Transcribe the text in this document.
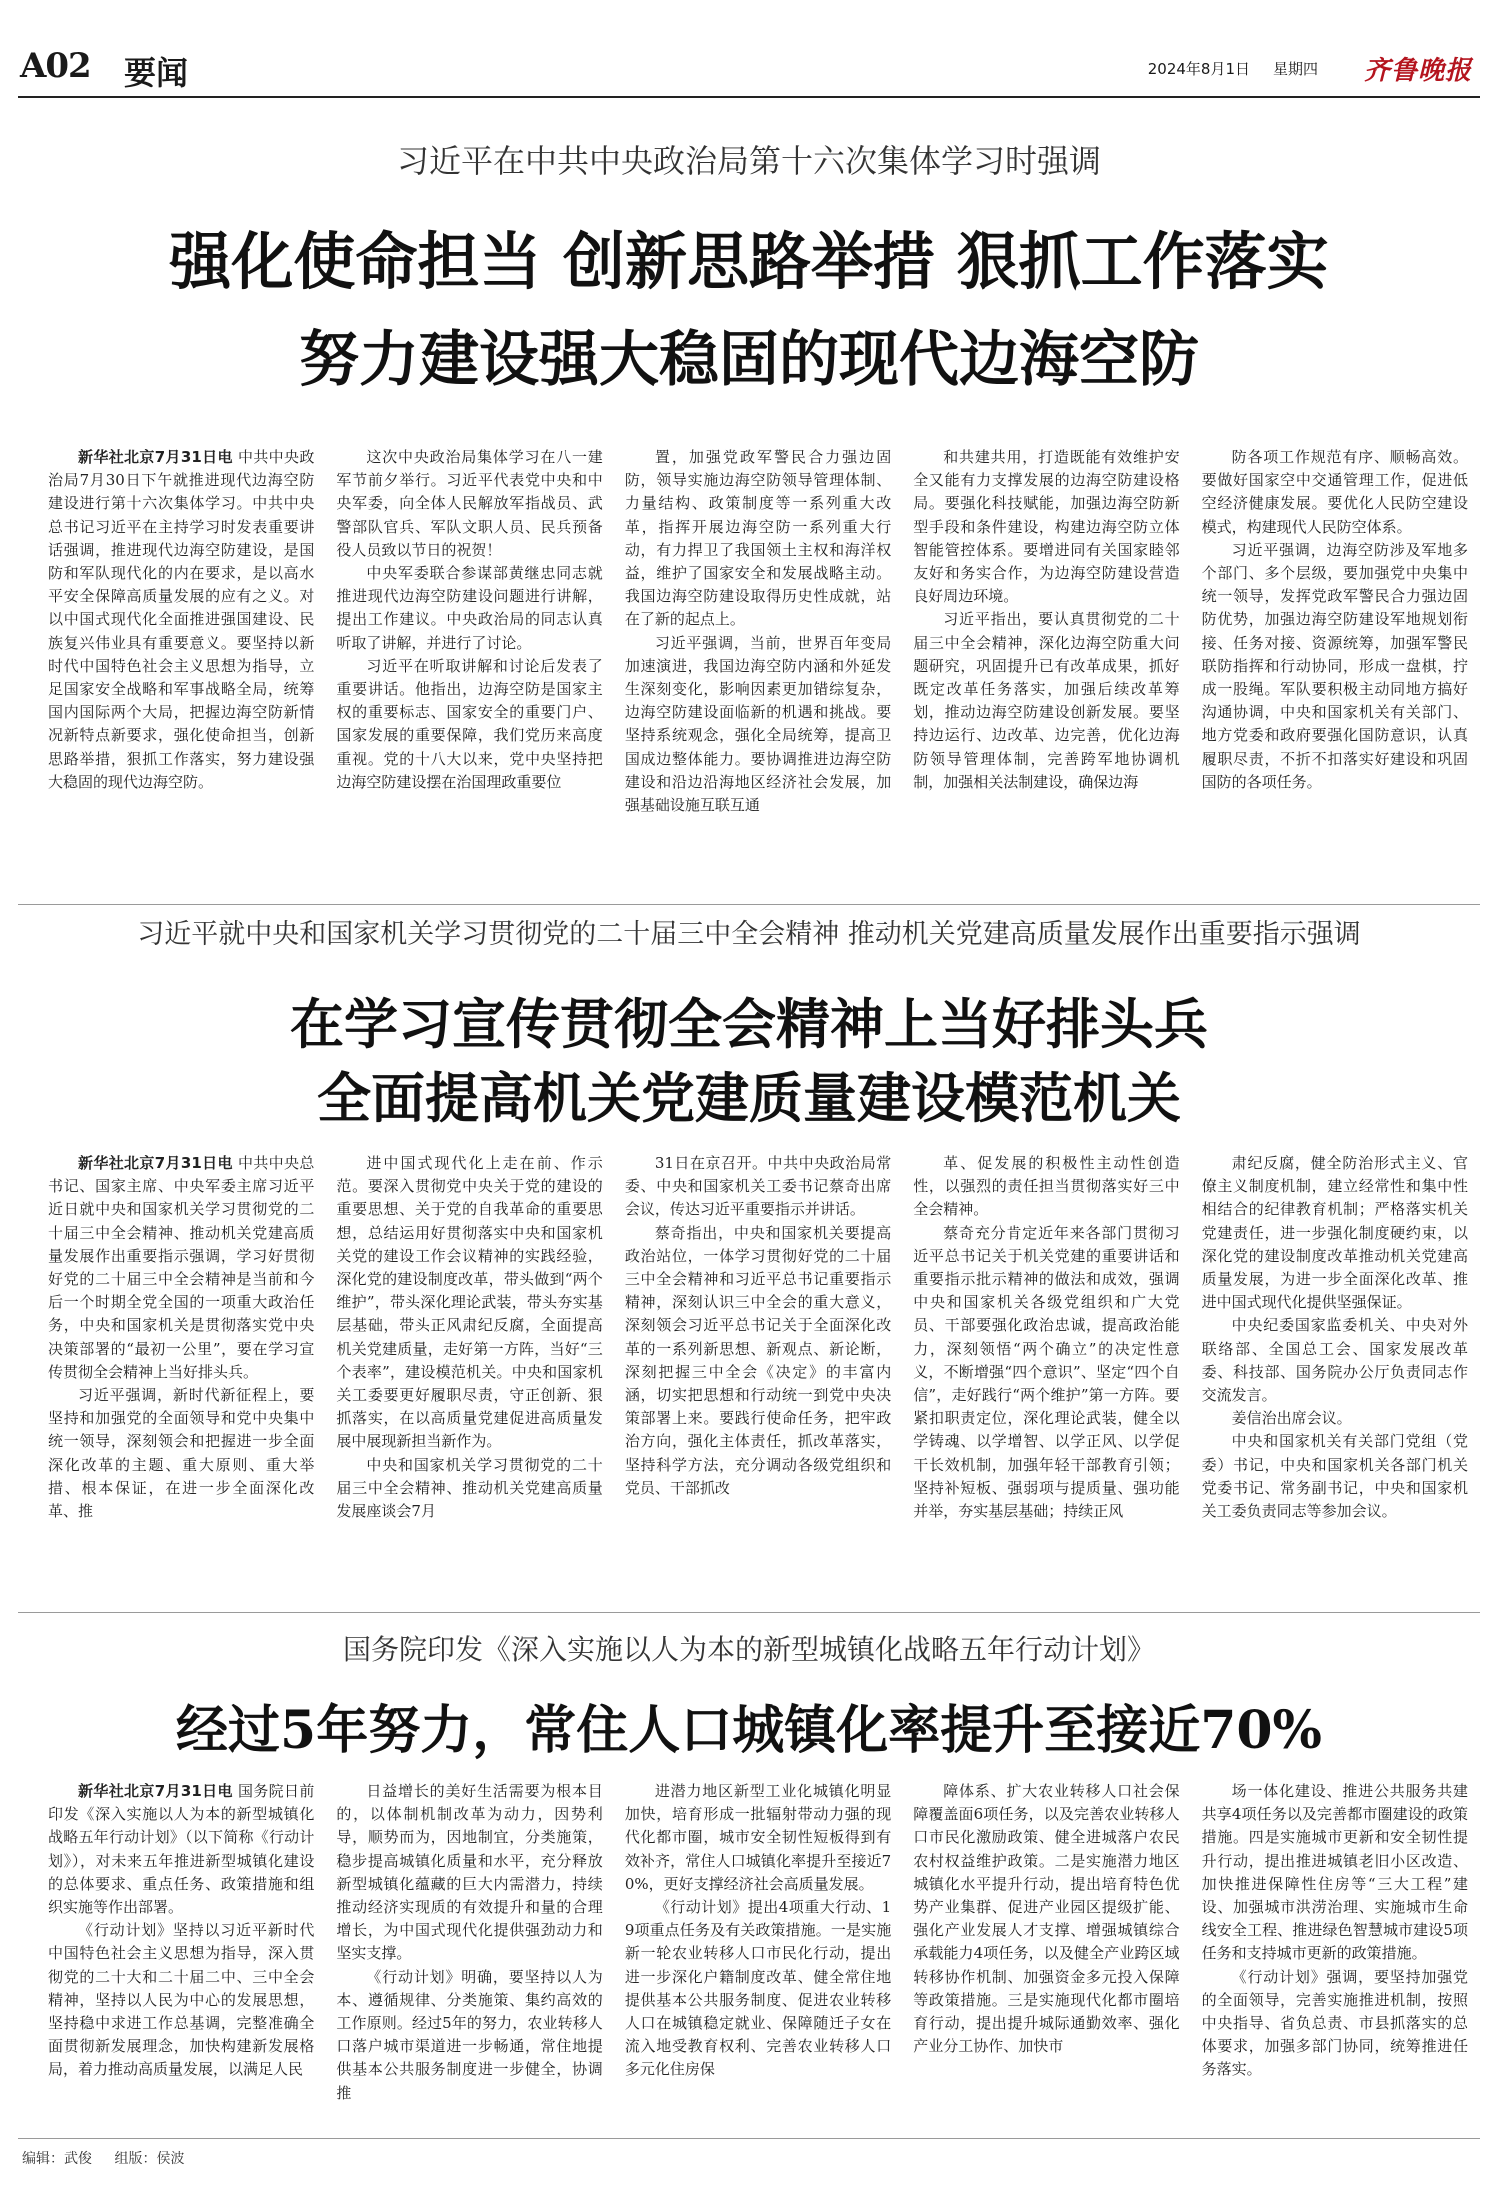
A02 要闻	2024年8月1日 星期四 齐鲁晚报
习近平在中共中央政治局第十六次集体学习时强调
强化使命担当 创新思路举措 狠抓工作落实
努力建设强大稳固的现代边海空防

新华社北京7月31日电 中共中央政治局7月30日下午就推进现代边海空防建设进行第十六次集体学习。中共中央总书记习近平在主持学习时发表重要讲话强调，推进现代边海空防建设，是国防和军队现代化的内在要求，是以高水平安全保障高质量发展的应有之义。对以中国式现代化全面推进强国建设、民族复兴伟业具有重要意义。要坚持以新时代中国特色社会主义思想为指导，立足国家安全战略和军事战略全局，统筹国内国际两个大局，把握边海空防新情况新特点新要求，强化使命担当，创新思路举措，狠抓工作落实，努力建设强大稳固的现代边海空防。

这次中央政治局集体学习在八一建军节前夕举行。习近平代表党中央和中央军委，向全体人民解放军指战员、武警部队官兵、军队文职人员、民兵预备役人员致以节日的祝贺！

中央军委联合参谋部黄继忠同志就推进现代边海空防建设问题进行讲解，提出工作建议。中央政治局的同志认真听取了讲解，并进行了讨论。

习近平在听取讲解和讨论后发表了重要讲话。他指出，边海空防是国家主权的重要标志、国家安全的重要门户、国家发展的重要保障，我们党历来高度重视。党的十八大以来，党中央坚持把边海空防建设摆在治国理政重要位

置，加强党政军警民合力强边固防，领导实施边海空防领导管理体制、力量结构、政策制度等一系列重大改革，指挥开展边海空防一系列重大行动，有力捍卫了我国领土主权和海洋权益，维护了国家安全和发展战略主动。我国边海空防建设取得历史性成就，站在了新的起点上。

习近平强调，当前，世界百年变局加速演进，我国边海空防内涵和外延发生深刻变化，影响因素更加错综复杂，边海空防建设面临新的机遇和挑战。要坚持系统观念，强化全局统筹，提高卫国成边整体能力。要协调推进边海空防建设和沿边沿海地区经济社会发展，加强基础设施互联互通

和共建共用，打造既能有效维护安全又能有力支撑发展的边海空防建设格局。要强化科技赋能，加强边海空防新型手段和条件建设，构建边海空防立体智能管控体系。要增进同有关国家睦邻友好和务实合作，为边海空防建设营造良好周边环境。

习近平指出，要认真贯彻党的二十届三中全会精神，深化边海空防重大问题研究，巩固提升已有改革成果，抓好既定改革任务落实，加强后续改革筹划，推动边海空防建设创新发展。要坚持边运行、边改革、边完善，优化边海防领导管理体制，完善跨军地协调机制，加强相关法制建设，确保边海

防各项工作规范有序、顺畅高效。要做好国家空中交通管理工作，促进低空经济健康发展。要优化人民防空建设模式，构建现代人民防空体系。

习近平强调，边海空防涉及军地多个部门、多个层级，要加强党中央集中统一领导，发挥党政军警民合力强边固防优势，加强边海空防建设军地规划衔接、任务对接、资源统筹，加强军警民联防指挥和行动协同，形成一盘棋，拧成一股绳。军队要积极主动同地方搞好沟通协调，中央和国家机关有关部门、地方党委和政府要强化国防意识，认真履职尽责，不折不扣落实好建设和巩固国防的各项任务。

习近平就中央和国家机关学习贯彻党的二十届三中全会精神 推动机关党建高质量发展作出重要指示强调
在学习宣传贯彻全会精神上当好排头兵
全面提高机关党建质量建设模范机关

新华社北京7月31日电 中共中央总书记、国家主席、中央军委主席习近平近日就中央和国家机关学习贯彻党的二十届三中全会精神、推动机关党建高质量发展作出重要指示强调，学习好贯彻好党的二十届三中全会精神是当前和今后一个时期全党全国的一项重大政治任务，中央和国家机关是贯彻落实党中央决策部署的“最初一公里”，要在学习宣传贯彻全会精神上当好排头兵。

习近平强调，新时代新征程上，要坚持和加强党的全面领导和党中央集中统一领导，深刻领会和把握进一步全面深化改革的主题、重大原则、重大举措、根本保证，在进一步全面深化改革、推

进中国式现代化上走在前、作示范。要深入贯彻党中央关于党的建设的重要思想、关于党的自我革命的重要思想，总结运用好贯彻落实中央和国家机关党的建设工作会议精神的实践经验，深化党的建设制度改革，带头做到“两个维护”，带头深化理论武装，带头夯实基层基础，带头正风肃纪反腐，全面提高机关党建质量，走好第一方阵，当好“三个表率”，建设模范机关。中央和国家机关工委要更好履职尽责，守正创新、狠抓落实，在以高质量党建促进高质量发展中展现新担当新作为。

中央和国家机关学习贯彻党的二十届三中全会精神、推动机关党建高质量发展座谈会7月

31日在京召开。中共中央政治局常委、中央和国家机关工委书记蔡奇出席会议，传达习近平重要指示并讲话。

蔡奇指出，中央和国家机关要提高政治站位，一体学习贯彻好党的二十届三中全会精神和习近平总书记重要指示精神，深刻认识三中全会的重大意义，深刻领会习近平总书记关于全面深化改革的一系列新思想、新观点、新论断，深刻把握三中全会《决定》的丰富内涵，切实把思想和行动统一到党中央决策部署上来。要践行使命任务，把牢政治方向，强化主体责任，抓改革落实，坚持科学方法，充分调动各级党组织和党员、干部抓改

革、促发展的积极性主动性创造性，以强烈的责任担当贯彻落实好三中全会精神。

蔡奇充分肯定近年来各部门贯彻习近平总书记关于机关党建的重要讲话和重要指示批示精神的做法和成效，强调中央和国家机关各级党组织和广大党员、干部要强化政治忠诚，提高政治能力，深刻领悟“两个确立”的决定性意义，不断增强“四个意识”、坚定“四个自信”，走好践行“两个维护”第一方阵。要紧扣职责定位，深化理论武装，健全以学铸魂、以学增智、以学正风、以学促干长效机制，加强年轻干部教育引领；坚持补短板、强弱项与提质量、强功能并举，夯实基层基础；持续正风

肃纪反腐，健全防治形式主义、官僚主义制度机制，建立经常性和集中性相结合的纪律教育机制；严格落实机关党建责任，进一步强化制度硬约束，以深化党的建设制度改革推动机关党建高质量发展，为进一步全面深化改革、推进中国式现代化提供坚强保证。

中央纪委国家监委机关、中央对外联络部、全国总工会、国家发展改革委、科技部、国务院办公厅负责同志作交流发言。

姜信治出席会议。

中央和国家机关有关部门党组（党委）书记，中央和国家机关各部门机关党委书记、常务副书记，中央和国家机关工委负责同志等参加会议。

国务院印发《深入实施以人为本的新型城镇化战略五年行动计划》
经过5年努力，常住人口城镇化率提升至接近70%

新华社北京7月31日电 国务院日前印发《深入实施以人为本的新型城镇化战略五年行动计划》（以下简称《行动计划》），对未来五年推进新型城镇化建设的总体要求、重点任务、政策措施和组织实施等作出部署。

《行动计划》坚持以习近平新时代中国特色社会主义思想为指导，深入贯彻党的二十大和二十届二中、三中全会精神，坚持以人民为中心的发展思想，坚持稳中求进工作总基调，完整准确全面贯彻新发展理念，加快构建新发展格局，着力推动高质量发展，以满足人民

日益增长的美好生活需要为根本目的，以体制机制改革为动力，因势利导，顺势而为，因地制宜，分类施策，稳步提高城镇化质量和水平，充分释放新型城镇化蕴藏的巨大内需潜力，持续推动经济实现质的有效提升和量的合理增长，为中国式现代化提供强劲动力和坚实支撑。

《行动计划》明确，要坚持以人为本、遵循规律、分类施策、集约高效的工作原则。经过5年的努力，农业转移人口落户城市渠道进一步畅通，常住地提供基本公共服务制度进一步健全，协调推

进潜力地区新型工业化城镇化明显加快，培育形成一批辐射带动力强的现代化都市圈，城市安全韧性短板得到有效补齐，常住人口城镇化率提升至接近70%，更好支撑经济社会高质量发展。

《行动计划》提出4项重大行动、19项重点任务及有关政策措施。一是实施新一轮农业转移人口市民化行动，提出进一步深化户籍制度改革、健全常住地提供基本公共服务制度、促进农业转移人口在城镇稳定就业、保障随迁子女在流入地受教育权利、完善农业转移人口多元化住房保

障体系、扩大农业转移人口社会保障覆盖面6项任务，以及完善农业转移人口市民化激励政策、健全进城落户农民农村权益维护政策。二是实施潜力地区城镇化水平提升行动，提出培育特色优势产业集群、促进产业园区提级扩能、强化产业发展人才支撑、增强城镇综合承载能力4项任务，以及健全产业跨区域转移协作机制、加强资金多元投入保障等政策措施。三是实施现代化都市圈培育行动，提出提升城际通勤效率、强化产业分工协作、加快市

场一体化建设、推进公共服务共建共享4项任务以及完善都市圈建设的政策措施。四是实施城市更新和安全韧性提升行动，提出推进城镇老旧小区改造、加快推进保障性住房等“三大工程”建设、加强城市洪涝治理、实施城市生命线安全工程、推进绿色智慧城市建设5项任务和支持城市更新的政策措施。

《行动计划》强调，要坚持加强党的全面领导，完善实施推进机制，按照中央指导、省负总责、市县抓落实的总体要求，加强多部门协同，统筹推进任务落实。

编辑：武俊 组版：侯波
